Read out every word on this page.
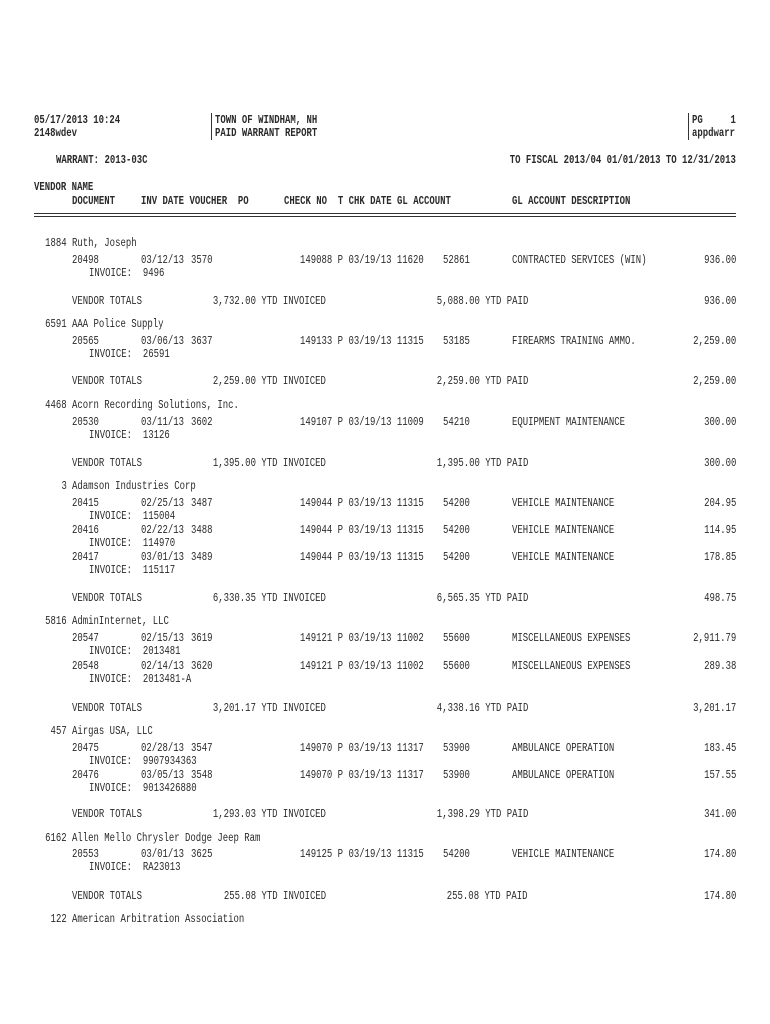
05/17/2013 10:24
2148wdev
TOWN OF WINDHAM, NH
PAID WARRANT REPORT
PG 1
appdwarr
WARRANT: 2013-03C	TO FISCAL 2013/04 01/01/2013 TO 12/31/2013
VENDOR NAME
DOCUMENT INV DATE VOUCHER  PO	CHECK NO  T CHK DATE GL ACCOUNT	GL ACCOUNT DESCRIPTION
1884 Ruth, Joseph
20498	03/12/13 3570	149088 P 03/19/13 11620 52861	CONTRACTED SERVICES (WIN)	936.00
INVOICE:  9496
VENDOR TOTALS	3,732.00 YTD INVOICED	5,088.00 YTD PAID	936.00
6591 AAA Police Supply
20565	03/06/13 3637	149133 P 03/19/13 11315 53185	FIREARMS TRAINING AMMO.	2,259.00
INVOICE:  26591
VENDOR TOTALS	2,259.00 YTD INVOICED	2,259.00 YTD PAID	2,259.00
4468 Acorn Recording Solutions, Inc.
20530	03/11/13 3602	149107 P 03/19/13 11009 54210	EQUIPMENT MAINTENANCE	300.00
INVOICE:  13126
VENDOR TOTALS	1,395.00 YTD INVOICED	1,395.00 YTD PAID	300.00
3 Adamson Industries Corp
20415	02/25/13 3487	149044 P 03/19/13 11315 54200	VEHICLE MAINTENANCE	204.95
INVOICE:  115004
20416	02/22/13 3488	149044 P 03/19/13 11315 54200	VEHICLE MAINTENANCE	114.95
INVOICE:  114970
20417	03/01/13 3489	149044 P 03/19/13 11315 54200	VEHICLE MAINTENANCE	178.85
INVOICE:  115117
VENDOR TOTALS	6,330.35 YTD INVOICED	6,565.35 YTD PAID	498.75
5816 AdminInternet, LLC
20547	02/15/13 3619	149121 P 03/19/13 11002 55600	MISCELLANEOUS EXPENSES	2,911.79
INVOICE:  2013481
20548	02/14/13 3620	149121 P 03/19/13 11002 55600	MISCELLANEOUS EXPENSES	289.38
INVOICE:  2013481-A
VENDOR TOTALS	3,201.17 YTD INVOICED	4,338.16 YTD PAID	3,201.17
457 Airgas USA, LLC
20475	02/28/13 3547	149070 P 03/19/13 11317 53900	AMBULANCE OPERATION	183.45
INVOICE:  9907934363
20476	03/05/13 3548	149070 P 03/19/13 11317 53900	AMBULANCE OPERATION	157.55
INVOICE:  9013426880
VENDOR TOTALS	1,293.03 YTD INVOICED	1,398.29 YTD PAID	341.00
6162 Allen Mello Chrysler Dodge Jeep Ram
20553	03/01/13 3625	149125 P 03/19/13 11315 54200	VEHICLE MAINTENANCE	174.80
INVOICE:  RA23013
VENDOR TOTALS	255.08 YTD INVOICED	255.08 YTD PAID	174.80
122 American Arbitration Association
